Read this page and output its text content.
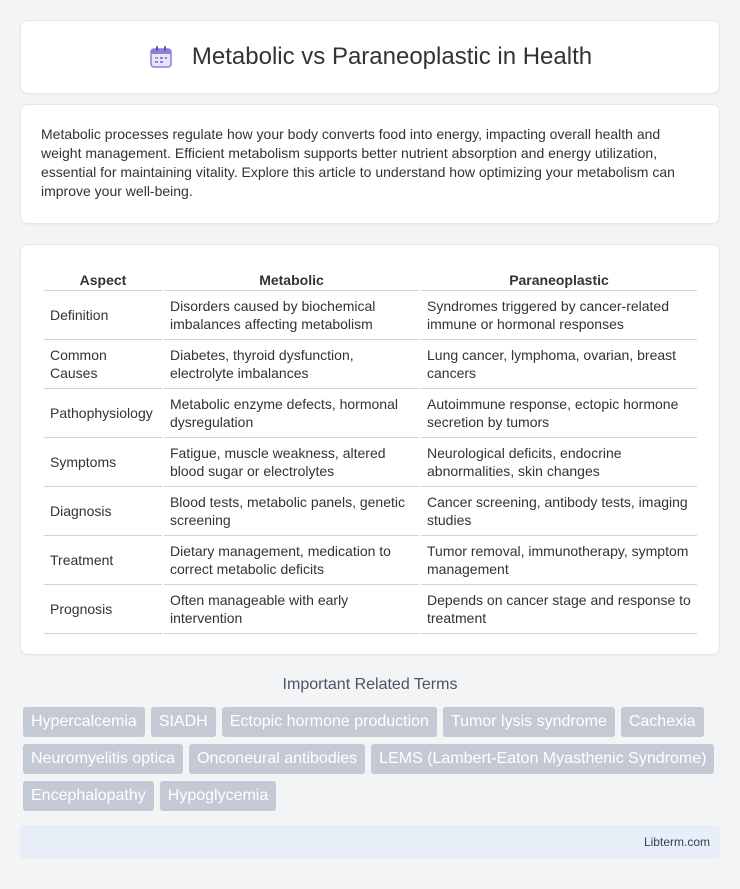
Metabolic vs Paraneoplastic in Health

Metabolic processes regulate how your body converts food into energy, impacting overall health and weight management. Efficient metabolism supports better nutrient absorption and energy utilization, essential for maintaining vitality. Explore this article to understand how optimizing your metabolism can improve your well-being.

Aspect	Metabolic	Paraneoplastic
Definition	Disorders caused by biochemical imbalances affecting metabolism	Syndromes triggered by cancer-related immune or hormonal responses
Common Causes	Diabetes, thyroid dysfunction, electrolyte imbalances	Lung cancer, lymphoma, ovarian, breast cancers
Pathophysiology	Metabolic enzyme defects, hormonal dysregulation	Autoimmune response, ectopic hormone secretion by tumors
Symptoms	Fatigue, muscle weakness, altered blood sugar or electrolytes	Neurological deficits, endocrine abnormalities, skin changes
Diagnosis	Blood tests, metabolic panels, genetic screening	Cancer screening, antibody tests, imaging studies
Treatment	Dietary management, medication to correct metabolic deficits	Tumor removal, immunotherapy, symptom management
Prognosis	Often manageable with early intervention	Depends on cancer stage and response to treatment
Important Related Terms
Hypercalcemia	SIADH	Ectopic hormone production	Tumor lysis syndrome	Cachexia
Neuromyelitis optica	Onconeural antibodies	LEMS (Lambert-Eaton Myasthenic Syndrome)
Encephalopathy	Hypoglycemia
Libterm.com
